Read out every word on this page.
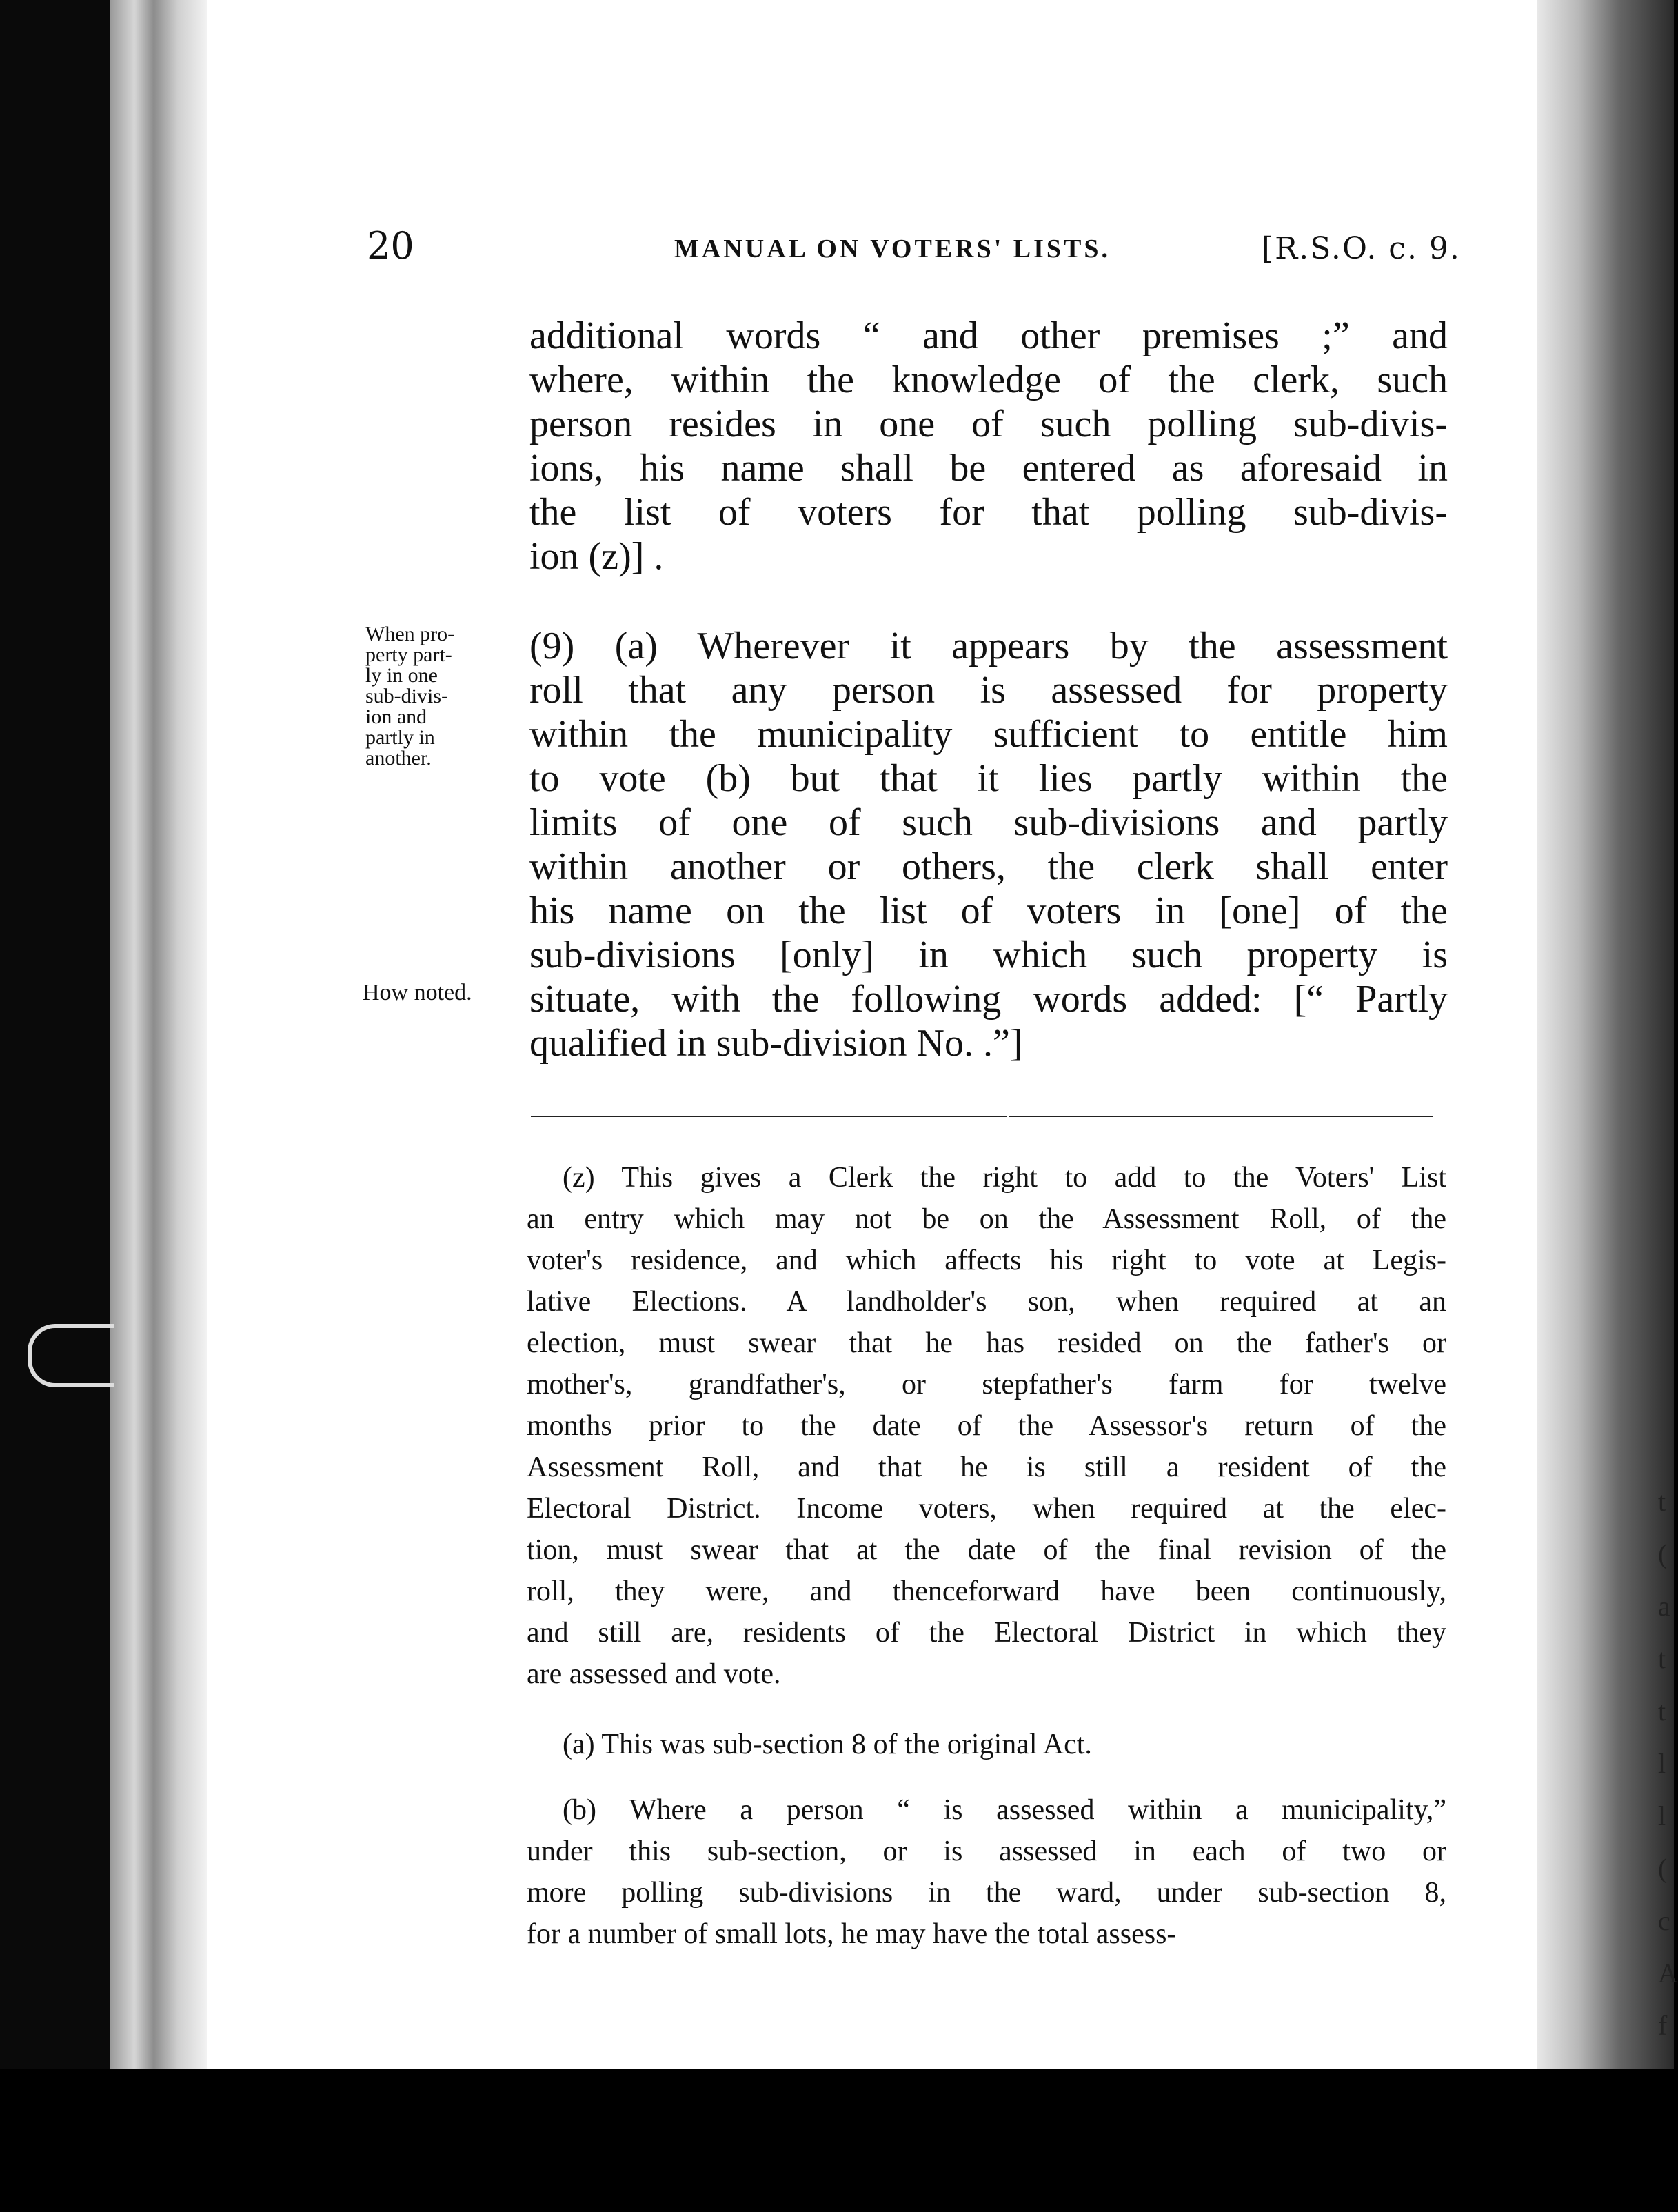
20	MANUAL ON VOTERS' LISTS.	[R.S.O. c. 9.
additional words “ and other premises ;” and
where, within the knowledge of the clerk, such
person resides in one of such polling sub-divis-
ions, his name shall be entered as aforesaid in
the list of voters for that polling sub-divis-
ion (z)] .
When pro-
perty part-
ly in one
sub-divis-
ion and
partly in
another.
How noted.
(9) (a) Wherever it appears by the assessment
roll that any person is assessed for property
within the municipality sufficient to entitle him
to vote (b) but that it lies partly within the
limits of one of such sub-divisions and partly
within another or others, the clerk shall enter
his name on the list of voters in [one] of the
sub-divisions [only] in which such property is
situate, with the following words added: [“ Partly
qualified in sub-division No. .”]
(z) This gives a Clerk the right to add to the Voters' List
an entry which may not be on the Assessment Roll, of the
voter's residence, and which affects his right to vote at Legis-
lative Elections. A landholder's son, when required at an
election, must swear that he has resided on the father's or
mother's, grandfather's, or stepfather's farm for twelve
months prior to the date of the Assessor's return of the
Assessment Roll, and that he is still a resident of the
Electoral District. Income voters, when required at the elec-
tion, must swear that at the date of the final revision of the
roll, they were, and thenceforward have been continuously,
and still are, residents of the Electoral District in which they
are assessed and vote.
(a) This was sub-section 8 of the original Act.
(b) Where a person “ is assessed within a municipality,”
under this sub-section, or is assessed in each of two or
more polling sub-divisions in the ward, under sub-section 8,
for a number of small lots, he may have the total assess-
t
(
a
t
t
l
l
(
c
A
f
